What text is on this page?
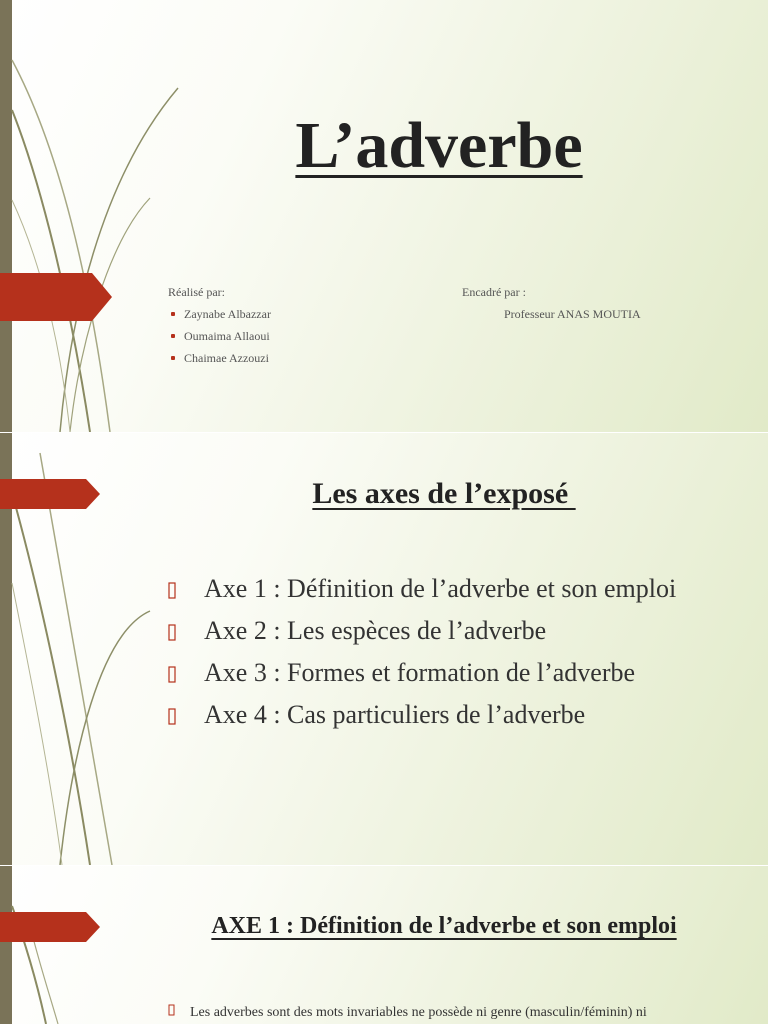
L’adverbe
Réalisé par:
Zaynabe Albazzar
Oumaima Allaoui
Chaimae Azzouzi
Encadré par :
Professeur ANAS MOUTIA
Les axes de l’exposé
Axe 1 : Définition de l’adverbe et son emploi
Axe 2 : Les espèces de l’adverbe
Axe 3 : Formes et formation de l’adverbe
Axe 4 : Cas particuliers de l’adverbe
AXE 1 : Définition de l’adverbe et son emploi
Les adverbes sont des mots invariables ne possède ni genre (masculin/féminin) ni
